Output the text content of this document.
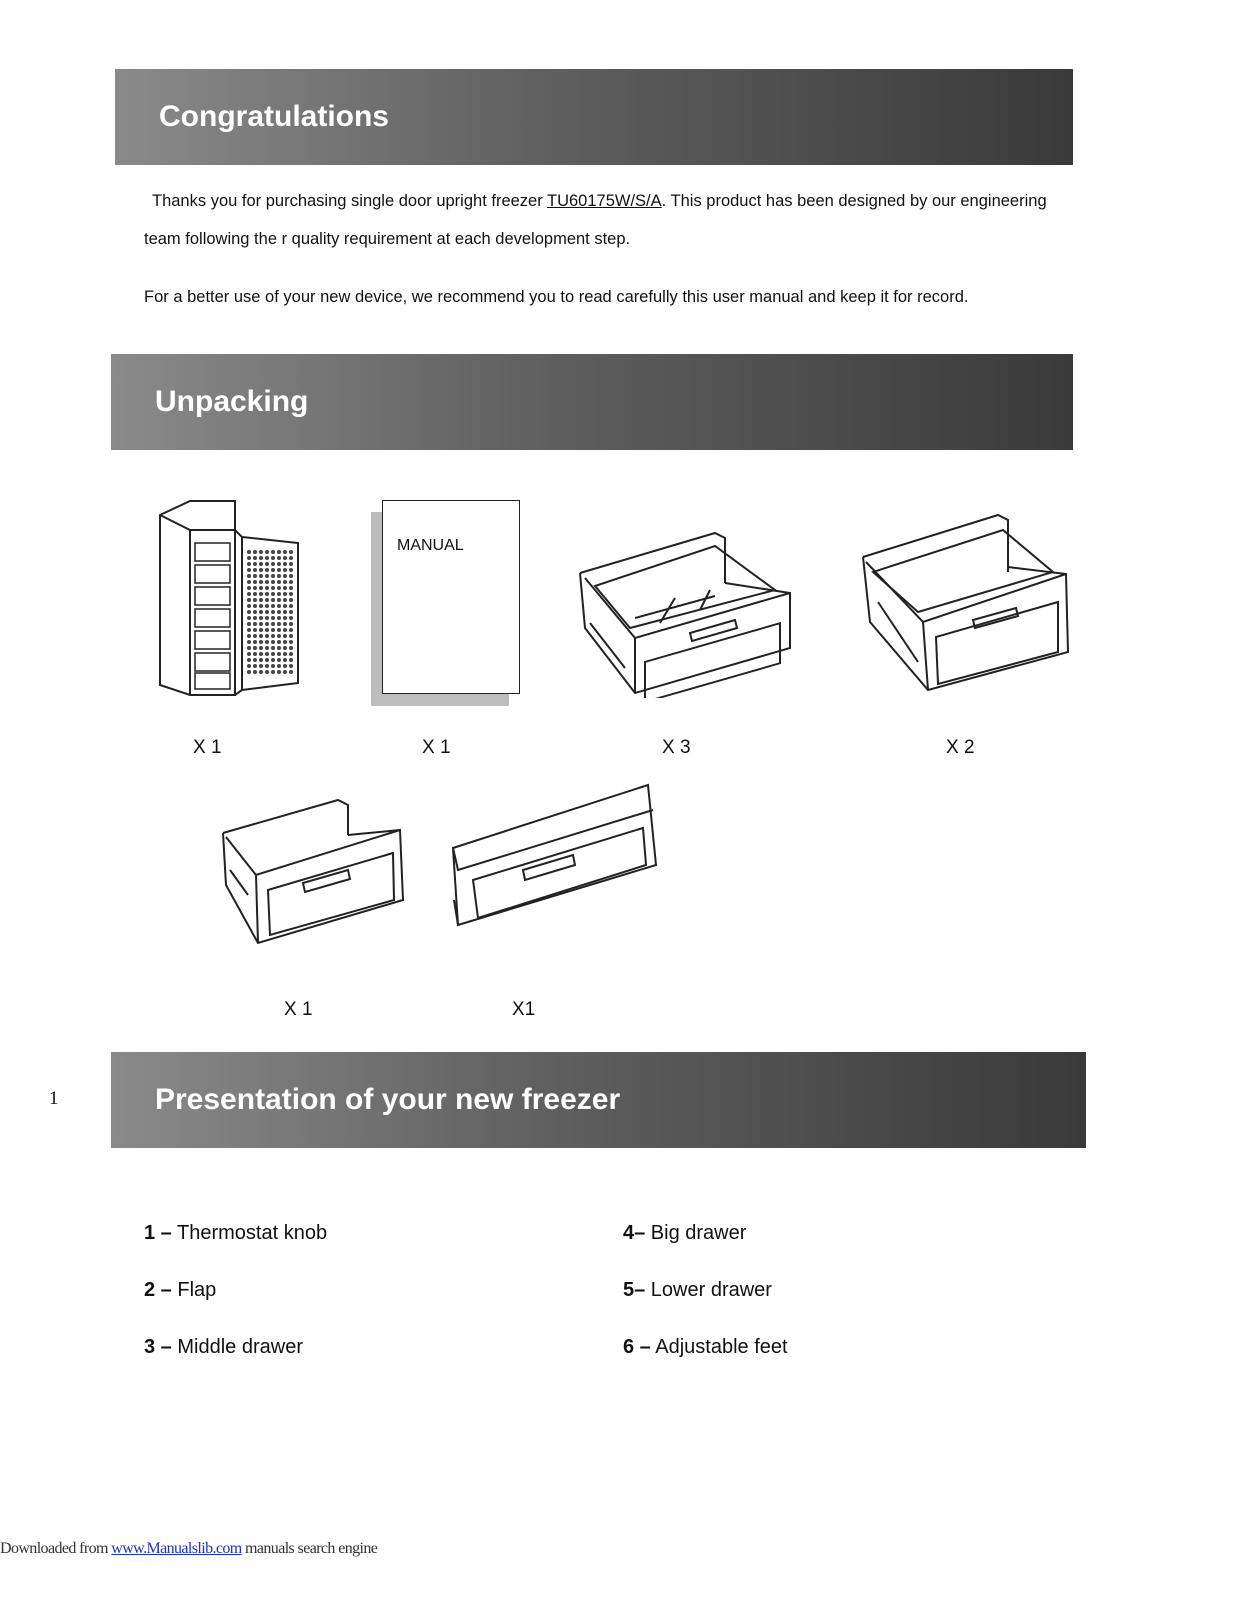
Congratulations

Thanks you for purchasing single door upright freezer TU60175W/S/A. This product has been designed by our engineering

team following the r quality requirement at each development step.

For a better use of your new device, we recommend you to read carefully this user manual and keep it for record.

Unpacking
MANUAL
X 1	X 1	X 3	X 2
X 1	X1
1	Presentation of your new freezer
1 – Thermostat knob
2 – Flap
3 – Middle drawer
4– Big drawer
5– Lower drawer
6 – Adjustable feet
Downloaded from www.Manualslib.com manuals search engine
